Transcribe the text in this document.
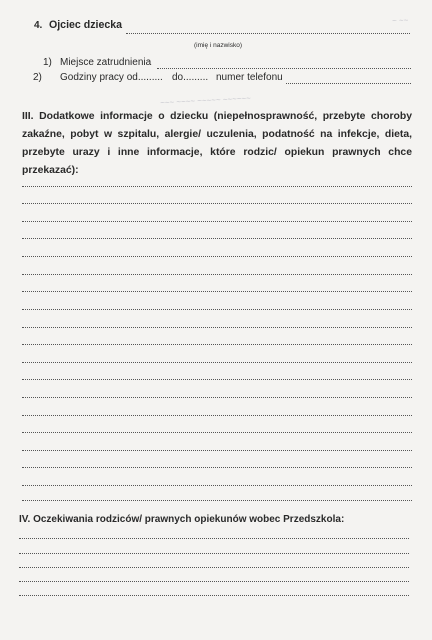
~~~ ~~~~ ~~~~~ ~~~~~~
~ ~~
4. Ojciec dziecka
(imię i nazwisko)
1) Miejsce zatrudnienia
2) Godziny pracy od......... do......... numer telefonu
III. Dodatkowe informacje o dziecku (niepełnosprawność, przebyte choroby zakaźne, pobyt w szpitalu, alergie/ uczulenia, podatność na infekcje, dieta, przebyte urazy i inne informacje, które rodzic/ opiekun prawnych chce przekazać):
IV. Oczekiwania rodziców/ prawnych opiekunów wobec Przedszkola:
